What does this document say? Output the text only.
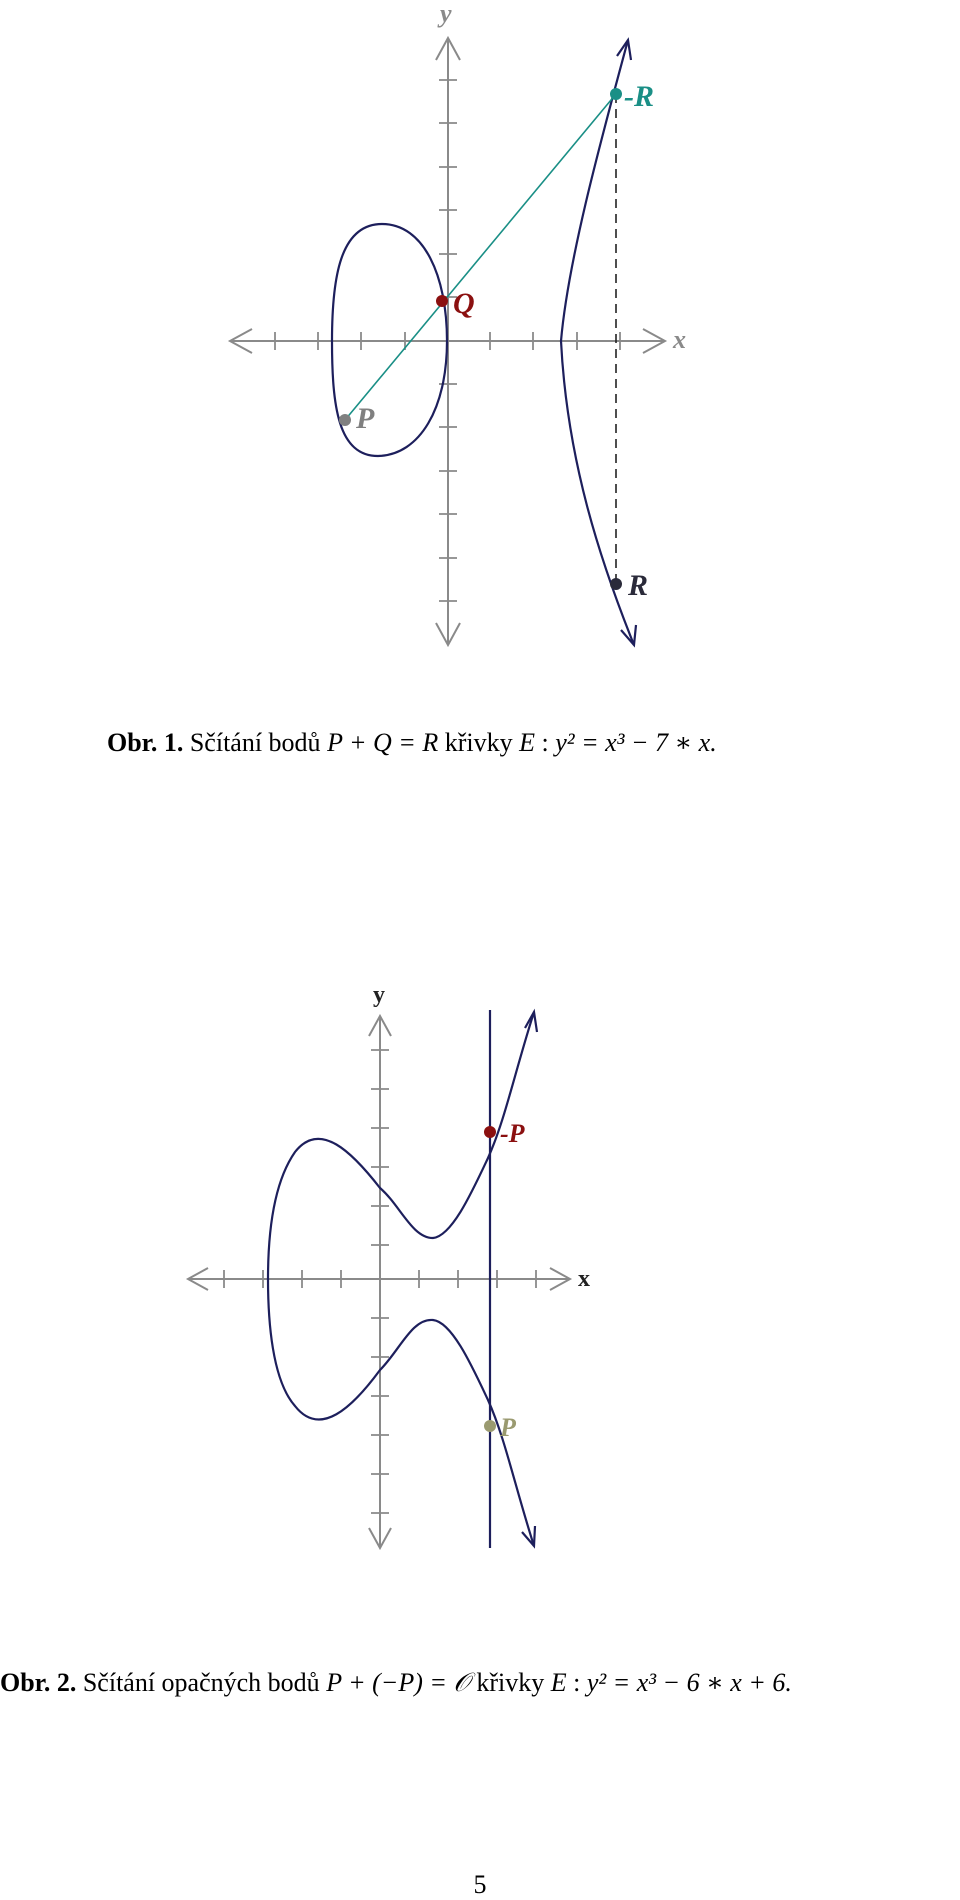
y
x
P
Q
-R
R
Obr. 1. Sčítání bodů P + Q = R křivky E : y² = x³ − 7 ∗ x.
y
x
-P
P
Obr. 2. Sčítání opačných bodů P + (−P) = 𝒪 křivky E : y² = x³ − 6 ∗ x + 6.
5
